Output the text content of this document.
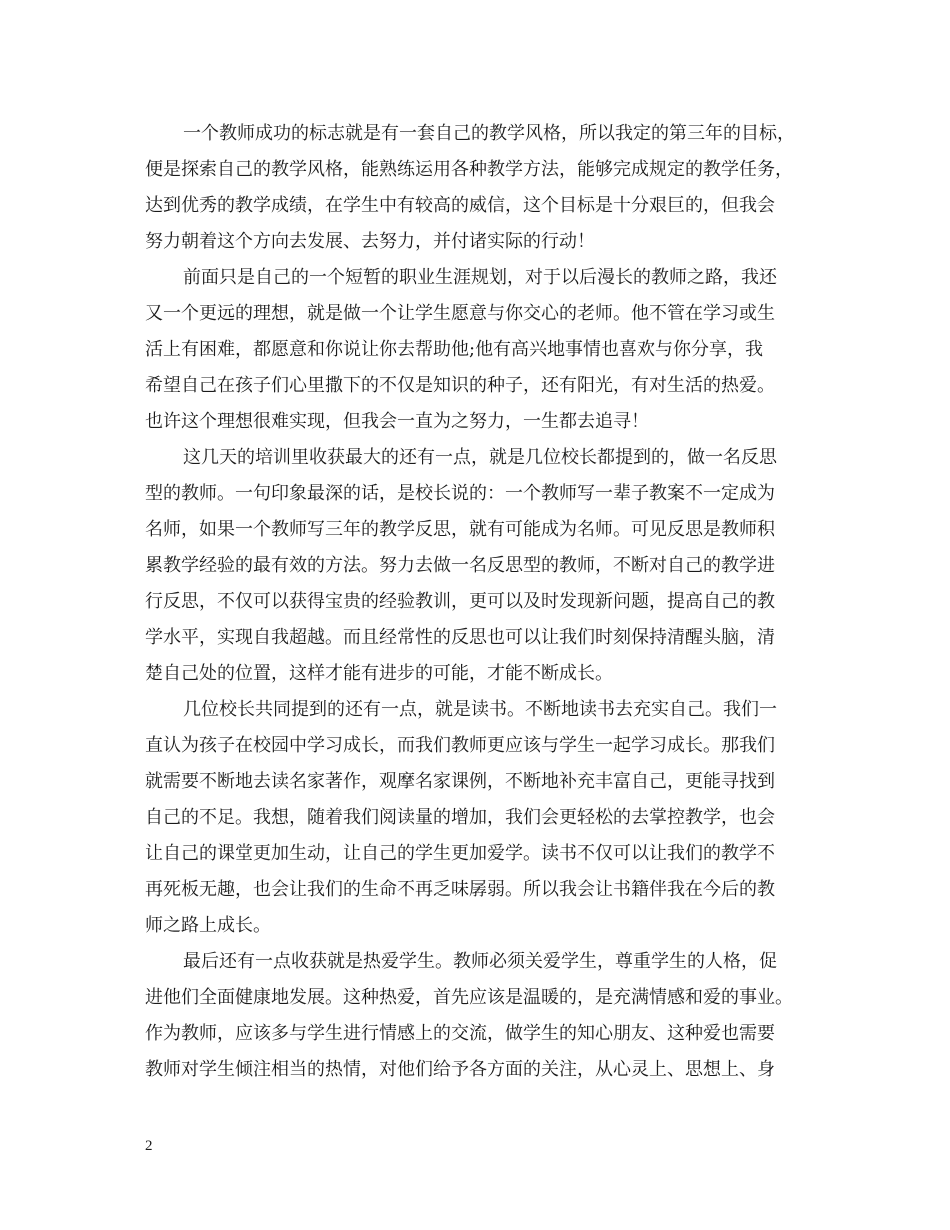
一个教师成功的标志就是有一套自己的教学风格，所以我定的第三年的目标，
便是探索自己的教学风格，能熟练运用各种教学方法，能够完成规定的教学任务，
达到优秀的教学成绩，在学生中有较高的威信，这个目标是十分艰巨的，但我会
努力朝着这个方向去发展、去努力，并付诸实际的行动！
前面只是自己的一个短暂的职业生涯规划，对于以后漫长的教师之路，我还
又一个更远的理想，就是做一个让学生愿意与你交心的老师。他不管在学习或生
活上有困难，都愿意和你说让你去帮助他;他有高兴地事情也喜欢与你分享，我
希望自己在孩子们心里撒下的不仅是知识的种子，还有阳光，有对生活的热爱。
也许这个理想很难实现，但我会一直为之努力，一生都去追寻！
这几天的培训里收获最大的还有一点，就是几位校长都提到的，做一名反思
型的教师。一句印象最深的话，是校长说的：一个教师写一辈子教案不一定成为
名师，如果一个教师写三年的教学反思，就有可能成为名师。可见反思是教师积
累教学经验的最有效的方法。努力去做一名反思型的教师，不断对自己的教学进
行反思，不仅可以获得宝贵的经验教训，更可以及时发现新问题，提高自己的教
学水平，实现自我超越。而且经常性的反思也可以让我们时刻保持清醒头脑，清
楚自己处的位置，这样才能有进步的可能，才能不断成长。
几位校长共同提到的还有一点，就是读书。不断地读书去充实自己。我们一
直认为孩子在校园中学习成长，而我们教师更应该与学生一起学习成长。那我们
就需要不断地去读名家著作，观摩名家课例，不断地补充丰富自己，更能寻找到
自己的不足。我想，随着我们阅读量的增加，我们会更轻松的去掌控教学，也会
让自己的课堂更加生动，让自己的学生更加爱学。读书不仅可以让我们的教学不
再死板无趣，也会让我们的生命不再乏味孱弱。所以我会让书籍伴我在今后的教
师之路上成长。
最后还有一点收获就是热爱学生。教师必须关爱学生，尊重学生的人格，促
进他们全面健康地发展。这种热爱，首先应该是温暖的，是充满情感和爱的事业。
作为教师，应该多与学生进行情感上的交流，做学生的知心朋友、这种爱也需要
教师对学生倾注相当的热情，对他们给予各方面的关注，从心灵上、思想上、身
2
